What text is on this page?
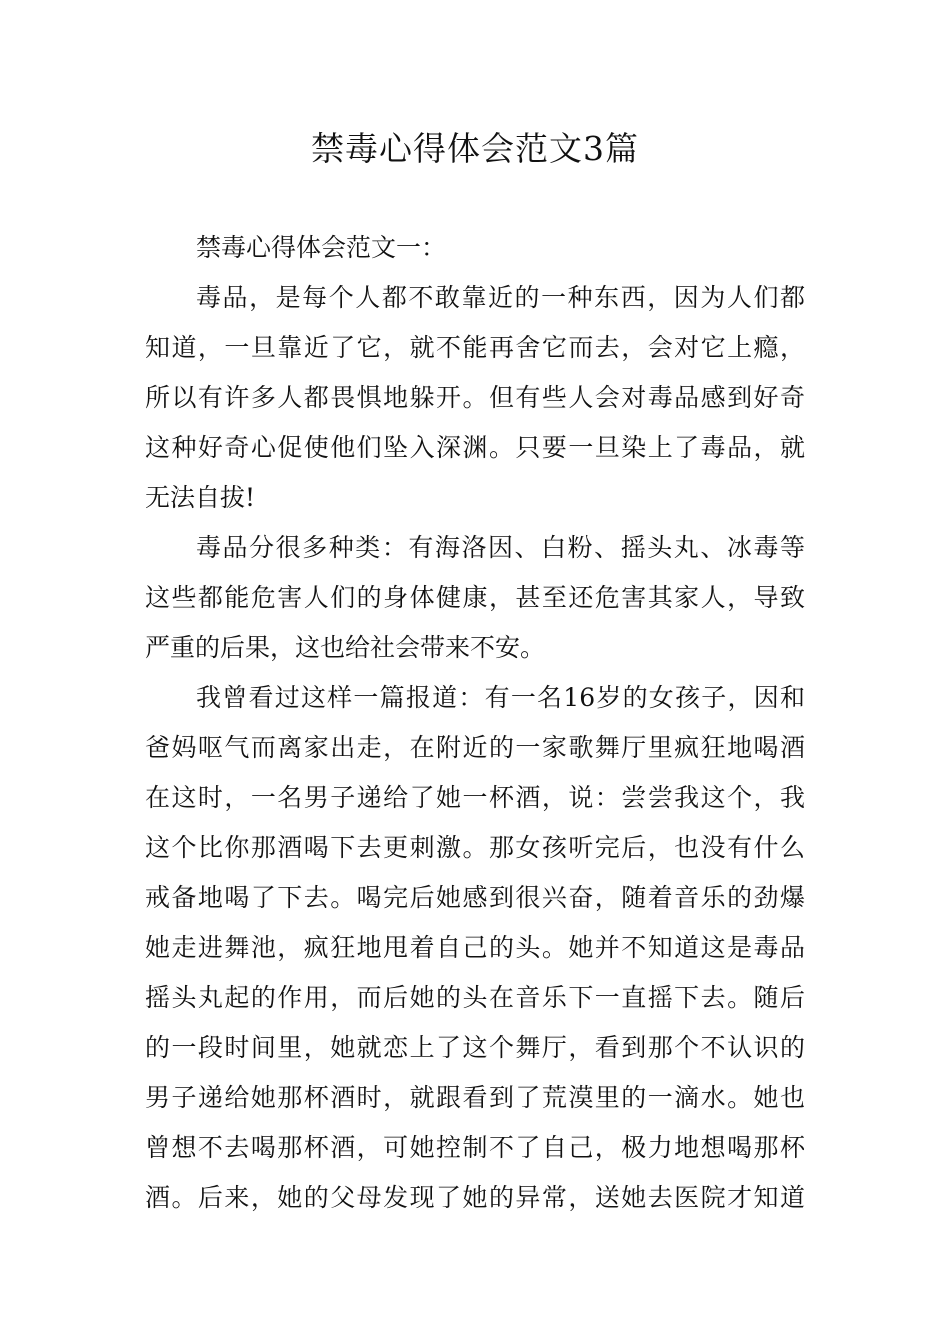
禁毒心得体会范文3篇
禁毒心得体会范文一：
毒品，是每个人都不敢靠近的一种东西，因为人们都
知道，一旦靠近了它，就不能再舍它而去，会对它上瘾，
所以有许多人都畏惧地躲开。但有些人会对毒品感到好奇
这种好奇心促使他们坠入深渊。只要一旦染上了毒品，就
无法自拔!
毒品分很多种类：有海洛因、白粉、摇头丸、冰毒等
这些都能危害人们的身体健康，甚至还危害其家人，导致
严重的后果，这也给社会带来不安。
我曾看过这样一篇报道：有一名16岁的女孩子，因和
爸妈呕气而离家出走，在附近的一家歌舞厅里疯狂地喝酒
在这时，一名男子递给了她一杯酒，说：尝尝我这个，我
这个比你那酒喝下去更刺激。那女孩听完后，也没有什么
戒备地喝了下去。喝完后她感到很兴奋，随着音乐的劲爆
她走进舞池，疯狂地甩着自己的头。她并不知道这是毒品
摇头丸起的作用，而后她的头在音乐下一直摇下去。随后
的一段时间里，她就恋上了这个舞厅，看到那个不认识的
男子递给她那杯酒时，就跟看到了荒漠里的一滴水。她也
曾想不去喝那杯酒，可她控制不了自己，极力地想喝那杯
酒。后来，她的父母发现了她的异常，送她去医院才知道
